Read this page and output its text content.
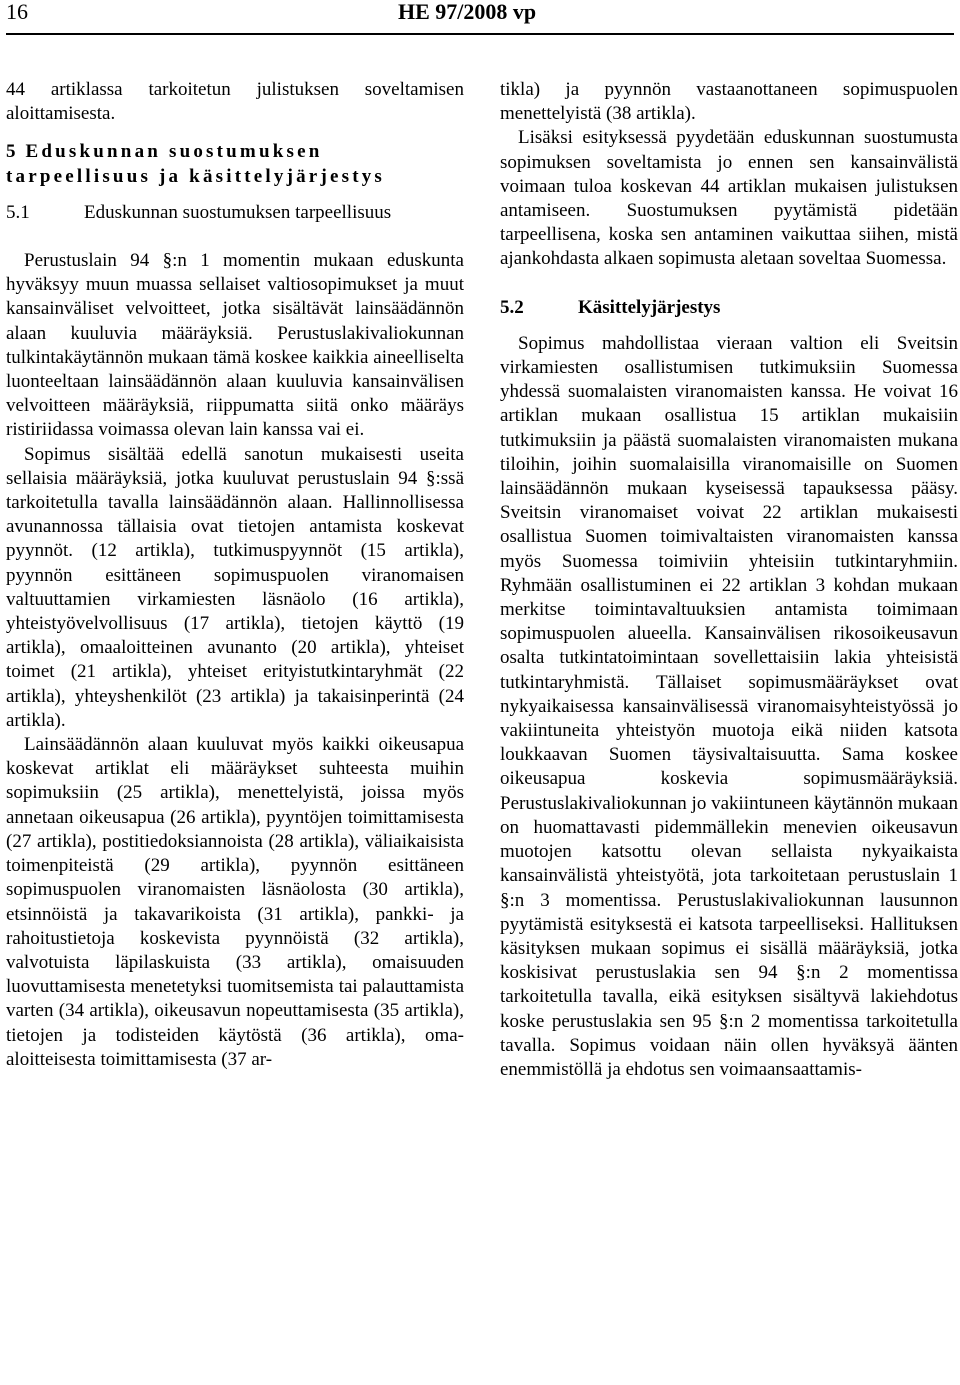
16	HE 97/2008 vp

44 artiklassa tarkoitetun julistuksen soveltamisen aloittamisesta.

5 Eduskunnan suostumuksen tarpeellisuus ja käsittelyjärjestys
5.1	Eduskunnan suostumuksen tarpeellisuus

Perustuslain 94 §:n 1 momentin mukaan eduskunta hyväksyy muun muassa sellaiset valtiosopimukset ja muut kansainväliset velvoitteet, jotka sisältävät lainsäädännön alaan kuuluvia määräyksiä. Perustuslakivaliokunnan tulkintakäytännön mukaan tämä koskee kaikkia aineelliselta luonteeltaan lainsäädännön alaan kuuluvia kansainvälisen velvoitteen määräyksiä, riippumatta siitä onko määräys ristiriidassa voimassa olevan lain kanssa vai ei.

Sopimus sisältää edellä sanotun mukaisesti useita sellaisia määräyksiä, jotka kuuluvat perustuslain 94 §:ssä tarkoitetulla tavalla lainsäädännön alaan. Hallinnollisessa avunannossa tällaisia ovat tietojen antamista koskevat pyynnöt. (12 artikla), tutkimuspyynnöt (15 artikla), pyynnön esittäneen sopimuspuolen viranomaisen valtuuttamien virkamiesten läsnäolo (16 artikla), yhteistyövelvollisuus (17 artikla), tietojen käyttö (19 artikla), omaaloitteinen avunanto (20 artikla), yhteiset toimet (21 artikla), yhteiset erityistutkintaryhmät (22 artikla), yhteyshenkilöt (23 artikla) ja takaisinperintä (24 artikla).

Lainsäädännön alaan kuuluvat myös kaikki oikeusapua koskevat artiklat eli määräykset suhteesta muihin sopimuksiin (25 artikla), menettelyistä, joissa myös annetaan oikeusapua (26 artikla), pyyntöjen toimittamisesta (27 artikla), postitiedoksiannoista (28 artikla), väliaikaisista toimenpiteistä (29 artikla), pyynnön esittäneen sopimuspuolen viranomaisten läsnäolosta (30 artikla), etsinnöistä ja takavarikoista (31 artikla), pankki- ja rahoitustietoja koskevista pyynnöistä (32 artikla), valvotuista läpilaskuista (33 artikla), omaisuuden luovuttamisesta menetetyksi tuomitsemista tai palauttamista varten (34 artikla), oikeusavun nopeuttamisesta (35 artikla), tietojen ja todisteiden käytöstä (36 artikla), oma-aloitteisesta toimittamisesta (37 ar-

tikla) ja pyynnön vastaanottaneen sopimuspuolen menettelyistä (38 artikla).

Lisäksi esityksessä pyydetään eduskunnan suostumusta sopimuksen soveltamista jo ennen sen kansainvälistä voimaan tuloa koskevan 44 artiklan mukaisen julistuksen antamiseen. Suostumuksen pyytämistä pidetään tarpeellisena, koska sen antaminen vaikuttaa siihen, mistä ajankohdasta alkaen sopimusta aletaan soveltaa Suomessa.

5.2	Käsittelyjärjestys

Sopimus mahdollistaa vieraan valtion eli Sveitsin virkamiesten osallistumisen tutkimuksiin Suomessa yhdessä suomalaisten viranomaisten kanssa. He voivat 16 artiklan mukaan osallistua 15 artiklan mukaisiin tutkimuksiin ja päästä suomalaisten viranomaisten mukana tiloihin, joihin suomalaisilla viranomaisille on Suomen lainsäädännön mukaan kyseisessä tapauksessa pääsy. Sveitsin viranomaiset voivat 22 artiklan mukaisesti osallistua Suomen toimivaltaisten viranomaisten kanssa myös Suomessa toimiviin yhteisiin tutkintaryhmiin. Ryhmään osallistuminen ei 22 artiklan 3 kohdan mukaan merkitse toimintavaltuuksien antamista toimimaan sopimuspuolen alueella. Kansainvälisen rikosoikeusavun osalta tutkintatoimintaan sovellettaisiin lakia yhteisistä tutkintaryhmistä. Tällaiset sopimusmääräykset ovat nykyaikaisessa kansainvälisessä viranomaisyhteistyössä jo vakiintuneita yhteistyön muotoja eikä niiden katsota loukkaavan Suomen täysivaltaisuutta. Sama koskee oikeusapua koskevia sopimusmääräyksiä. Perustuslakivaliokunnan jo vakiintuneen käytännön mukaan on huomattavasti pidemmällekin menevien oikeusavun muotojen katsottu olevan sellaista nykyaikaista kansainvälistä yhteistyötä, jota tarkoitetaan perustuslain 1 §:n 3 momentissa. Perustuslakivaliokunnan lausunnon pyytämistä esityksestä ei katsota tarpeelliseksi. Hallituksen käsityksen mukaan sopimus ei sisällä määräyksiä, jotka koskisivat perustuslakia sen 94 §:n 2 momentissa tarkoitetulla tavalla, eikä esityksen sisältyvä lakiehdotus koske perustuslakia sen 95 §:n 2 momentissa tarkoitetulla tavalla. Sopimus voidaan näin ollen hyväksyä äänten enemmistöllä ja ehdotus sen voimaansaattamis-
